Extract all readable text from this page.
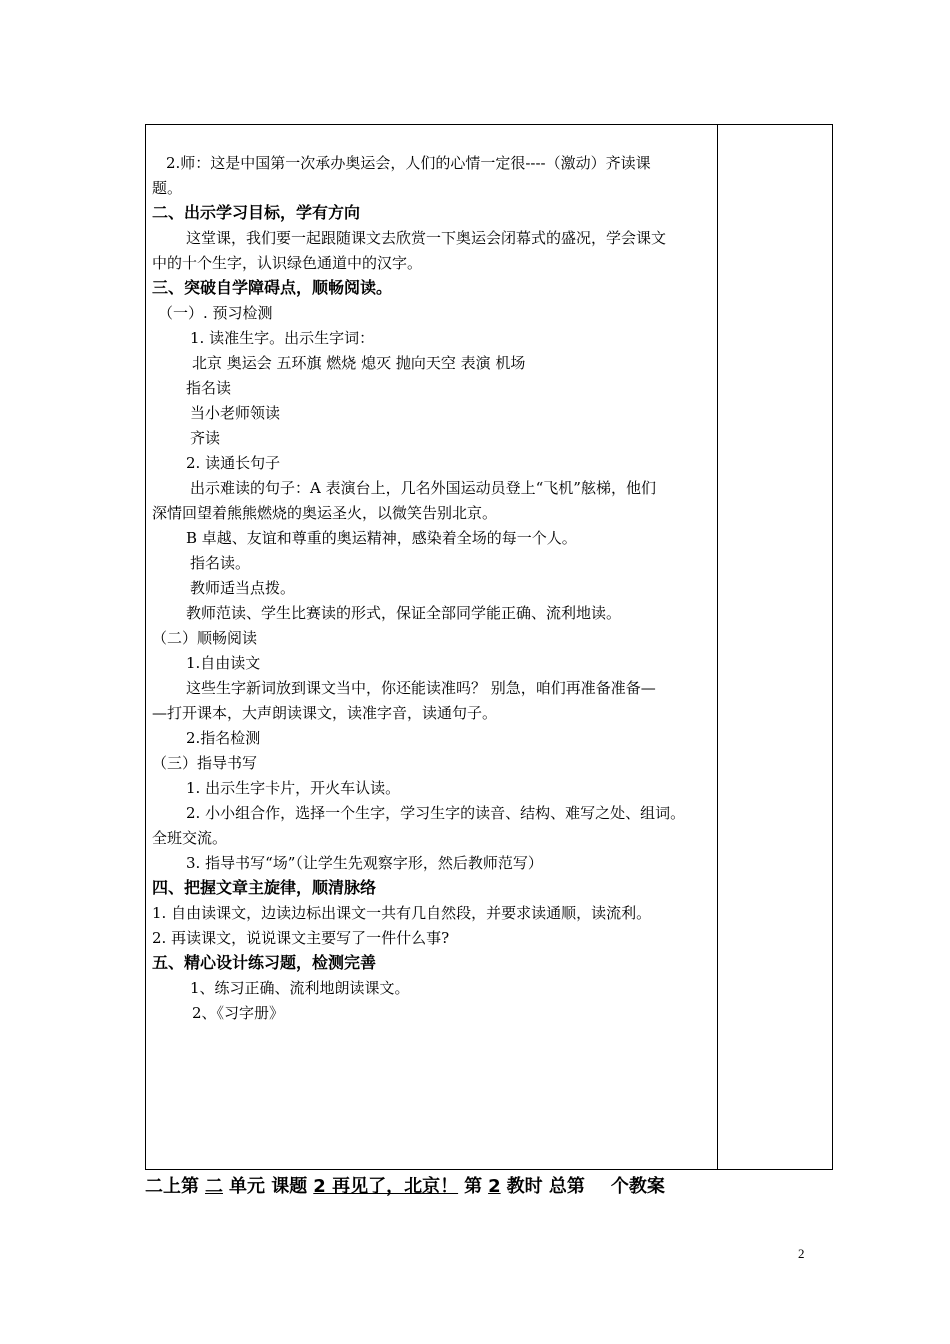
2.师：这是中国第一次承办奥运会，人们的心情一定很----（激动）齐读课
题。
二、出示学习目标，学有方向
这堂课，我们要一起跟随课文去欣赏一下奥运会闭幕式的盛况，学会课文
中的十个生字，认识绿色通道中的汉字。
三、突破自学障碍点，顺畅阅读。
（一）. 预习检测
1. 读准生字。出示生字词：
北京 奥运会 五环旗 燃烧 熄灭 抛向天空 表演 机场
指名读
当小老师领读
齐读
2. 读通长句子
出示难读的句子：A 表演台上，几名外国运动员登上“飞机”舷梯，他们
深情回望着熊熊燃烧的奥运圣火，以微笑告别北京。
B 卓越、友谊和尊重的奥运精神，感染着全场的每一个人。
指名读。
教师适当点拨。
教师范读、学生比赛读的形式，保证全部同学能正确、流利地读。
（二）顺畅阅读
1.自由读文
这些生字新词放到课文当中，你还能读准吗？ 别急，咱们再准备准备—
—打开课本，大声朗读课文，读准字音，读通句子。
2.指名检测
（三）指导书写
1. 出示生字卡片，开火车认读。
2. 小小组合作，选择一个生字，学习生字的读音、结构、难写之处、组词。
全班交流。
3. 指导书写“场”（让学生先观察字形，然后教师范写）
四、把握文章主旋律，顺清脉络
1. 自由读课文，边读边标出课文一共有几自然段，并要求读通顺，读流利。
2. 再读课文，说说课文主要写了一件什么事?
五、精心设计练习题，检测完善
1、练习正确、流利地朗读课文。
2、《习字册》
二上第 二 单元 课题 2 再见了，北京！ 第 2 教时 总第 个教案
2
